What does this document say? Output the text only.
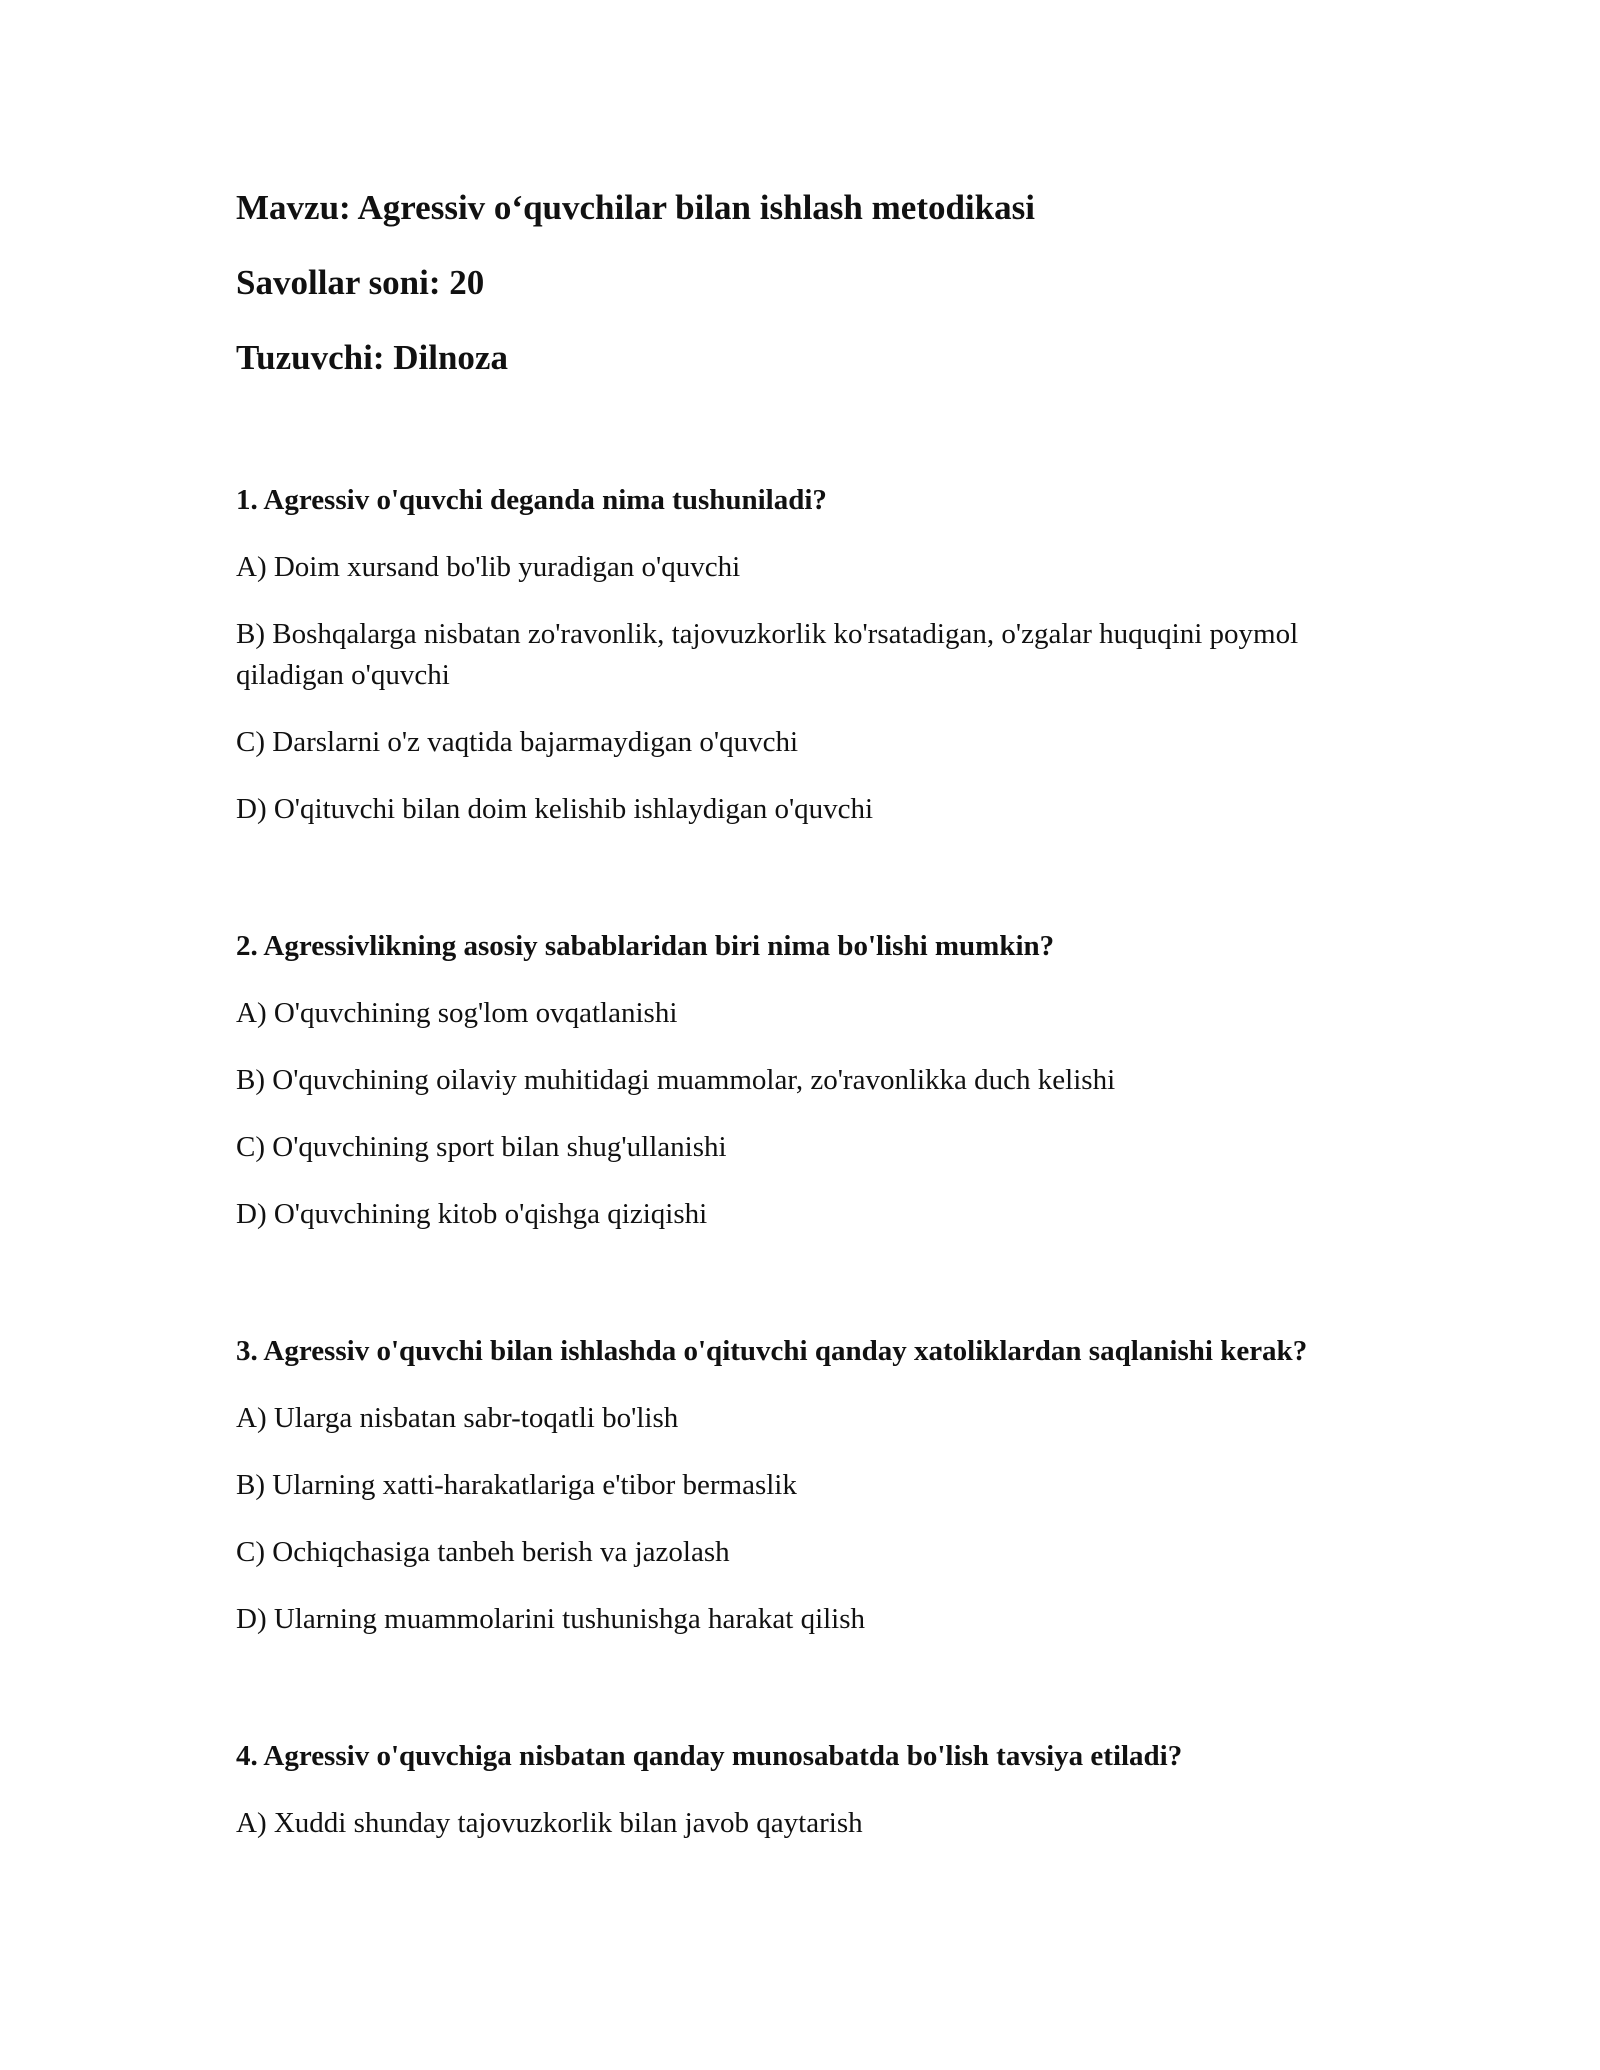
Mavzu: Agressiv o‘quvchilar bilan ishlash metodikasi
Savollar soni: 20
Tuzuvchi: Dilnoza
1. Agressiv o'quvchi deganda nima tushuniladi?
A) Doim xursand bo'lib yuradigan o'quvchi
B) Boshqalarga nisbatan zo'ravonlik, tajovuzkorlik ko'rsatadigan, o'zgalar huquqini poymol qiladigan o'quvchi
C) Darslarni o'z vaqtida bajarmaydigan o'quvchi
D) O'qituvchi bilan doim kelishib ishlaydigan o'quvchi
2. Agressivlikning asosiy sabablaridan biri nima bo'lishi mumkin?
A) O'quvchining sog'lom ovqatlanishi
B) O'quvchining oilaviy muhitidagi muammolar, zo'ravonlikka duch kelishi
C) O'quvchining sport bilan shug'ullanishi
D) O'quvchining kitob o'qishga qiziqishi
3. Agressiv o'quvchi bilan ishlashda o'qituvchi qanday xatoliklardan saqlanishi kerak?
A) Ularga nisbatan sabr-toqatli bo'lish
B) Ularning xatti-harakatlariga e'tibor bermaslik
C) Ochiqchasiga tanbeh berish va jazolash
D) Ularning muammolarini tushunishga harakat qilish
4. Agressiv o'quvchiga nisbatan qanday munosabatda bo'lish tavsiya etiladi?
A) Xuddi shunday tajovuzkorlik bilan javob qaytarish
